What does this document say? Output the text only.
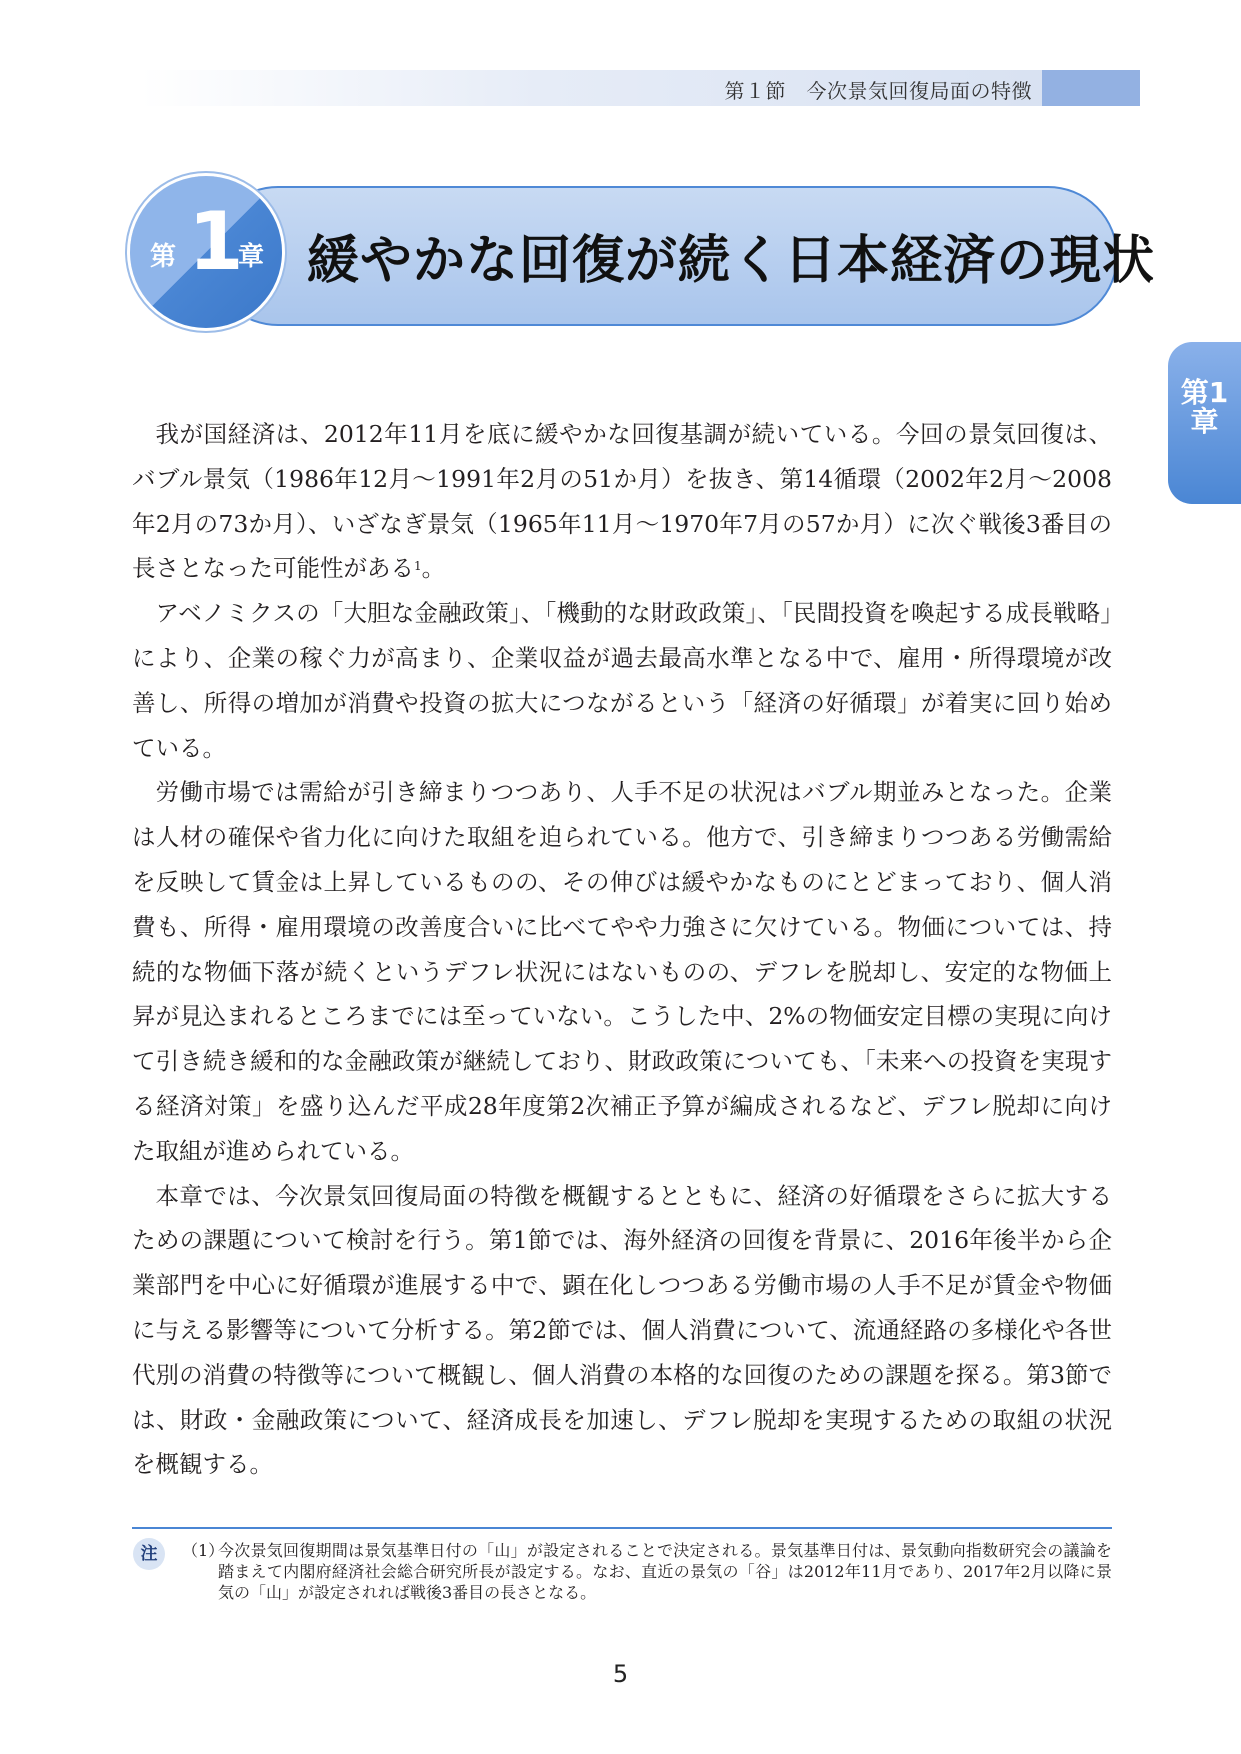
第１節　今次景気回復局面の特徴
緩やかな回復が続く日本経済の現状
第 1
章
第1章

我が国経済は、2012年11月を底に緩やかな回復基調が続いている。今回の景気回復は、バブル景気（1986年12月～1991年2月の51か月）を抜き、第14循環（2002年2月～2008年2月の73か月）、いざなぎ景気（1965年11月～1970年7月の57か月）に次ぐ戦後3番目の長さとなった可能性がある$^1$。

アベノミクスの「大胆な金融政策」、「機動的な財政政策」、「民間投資を喚起する成長戦略」により、企業の稼ぐ力が高まり、企業収益が過去最高水準となる中で、雇用・所得環境が改善し、所得の増加が消費や投資の拡大につながるという「経済の好循環」が着実に回り始めている。

労働市場では需給が引き締まりつつあり、人手不足の状況はバブル期並みとなった。企業は人材の確保や省力化に向けた取組を迫られている。他方で、引き締まりつつある労働需給を反映して賃金は上昇しているものの、その伸びは緩やかなものにとどまっており、個人消費も、所得・雇用環境の改善度合いに比べてやや力強さに欠けている。物価については、持続的な物価下落が続くというデフレ状況にはないものの、デフレを脱却し、安定的な物価上昇が見込まれるところまでには至っていない。こうした中、2%の物価安定目標の実現に向けて引き続き緩和的な金融政策が継続しており、財政政策についても、「未来への投資を実現する経済対策」を盛り込んだ平成28年度第2次補正予算が編成されるなど、デフレ脱却に向けた取組が進められている。

本章では、今次景気回復局面の特徴を概観するとともに、経済の好循環をさらに拡大するための課題について検討を行う。第1節では、海外経済の回復を背景に、2016年後半から企業部門を中心に好循環が進展する中で、顕在化しつつある労働市場の人手不足が賃金や物価に与える影響等について分析する。第2節では、個人消費について、流通経路の多様化や各世代別の消費の特徴等について概観し、個人消費の本格的な回復のための課題を探る。第3節では、財政・金融政策について、経済成長を加速し、デフレ脱却を実現するための取組の状況を概観する。

注	（1）
今次景気回復期間は景気基準日付の「山」が設定されることで決定される。景気基準日付は、景気動向指数研究会の議論を踏まえて内閣府経済社会総合研究所長が設定する。なお、直近の景気の「谷」は2012年11月であり、2017年2月以降に景気の「山」が設定されれば戦後3番目の長さとなる。
5
